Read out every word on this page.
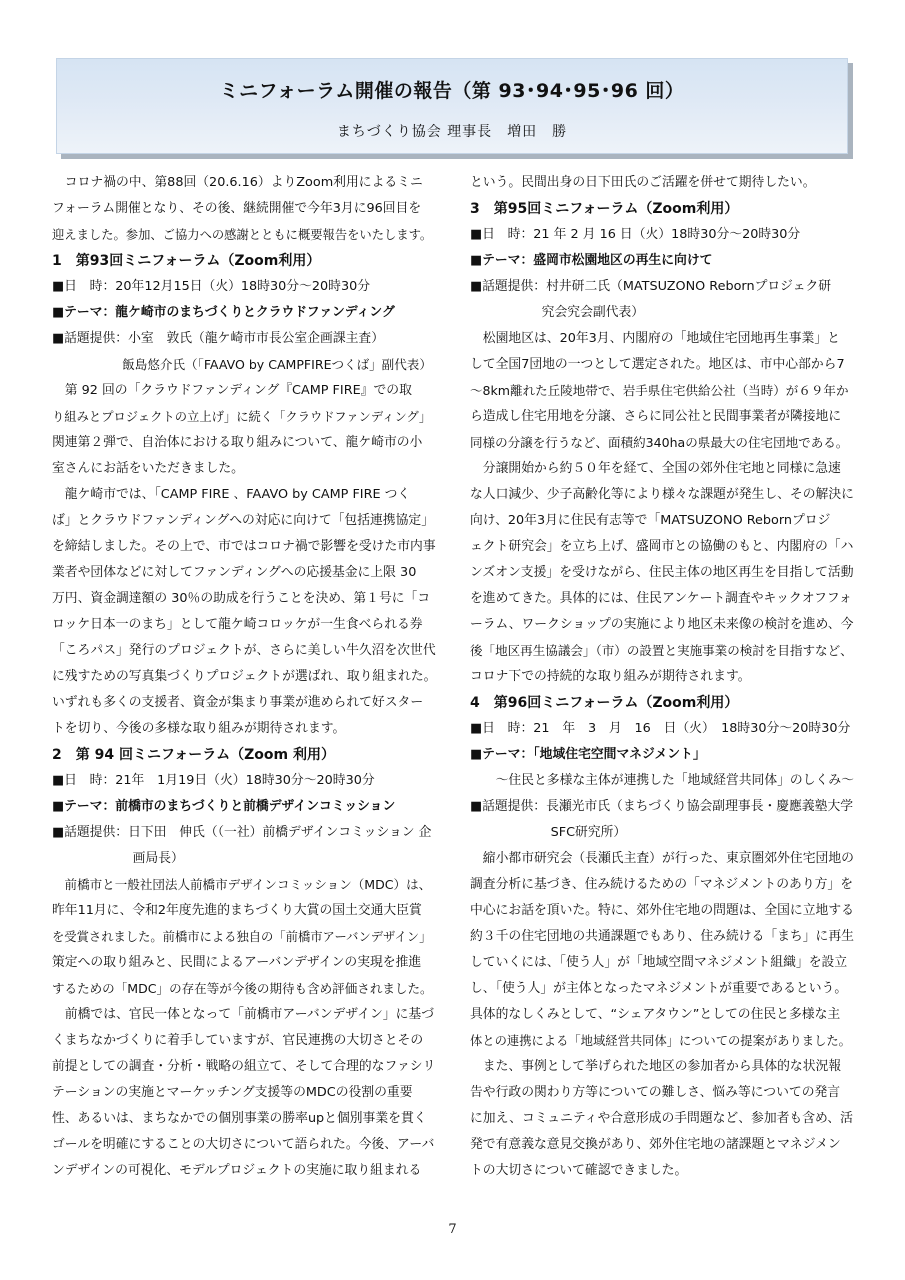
ミニフォーラム開催の報告（第 93･94･95･96 回）
まちづくり協会 理事長　増田　勝
コロナ禍の中、第88回（20.6.16）よりZoom利用によるミニ
フォーラム開催となり、その後、継続開催で今年3月に96回目を
迎えました。参加、ご協力への感謝とともに概要報告をいたします。
1　第93回ミニフォーラム（Zoom利用）
■日　時：20年12月15日（火）18時30分～20時30分
■テーマ：龍ケ崎市のまちづくりとクラウドファンディング
■話題提供：小室　敦氏（龍ケ崎市市長公室企画課主査）
飯島悠介氏（「FAAVO by CAMPFIREつくば」副代表）
第 92 回の「クラウドファンディング『CAMP FIRE』での取
り組みとプロジェクトの立上げ」に続く「クラウドファンディング」
関連第２弾で、自治体における取り組みについて、龍ケ崎市の小
室さんにお話をいただきました。
龍ケ崎市では、「CAMP FIRE 、FAAVO by CAMP FIRE つく
ば」とクラウドファンディングへの対応に向けて「包括連携協定」
を締結しました。その上で、市ではコロナ禍で影響を受けた市内事
業者や団体などに対してファンディングへの応援基金に上限 30
万円、資金調達額の 30％の助成を行うことを決め、第１号に「コ
ロッケ日本一のまち」として龍ケ崎コロッケが一生食べられる券
「ころパス」発行のプロジェクトが、さらに美しい牛久沼を次世代
に残すための写真集づくりプロジェクトが選ばれ、取り組まれた。
いずれも多くの支援者、資金が集まり事業が進められて好スター
トを切り、今後の多様な取り組みが期待されます。
2　第 94 回ミニフォーラム（Zoom 利用）
■日　時：21年　1月19日（火）18時30分～20時30分
■テーマ：前橋市のまちづくりと前橋デザインコミッション
■話題提供：日下田　伸氏（（一社）前橋デザインコミッション 企
画局長）
前橋市と一般社団法人前橋市デザインコミッション（MDC）は、
昨年11月に、令和2年度先進的まちづくり大賞の国土交通大臣賞
を受賞されました。前橋市による独自の「前橋市アーバンデザイン」
策定への取り組みと、民間によるアーバンデザインの実現を推進
するための「MDC」の存在等が今後の期待も含め評価されました。
前橋では、官民一体となって「前橋市アーバンデザイン」に基づ
くまちなかづくりに着手していますが、官民連携の大切さとその
前提としての調査・分析・戦略の組立て、そして合理的なファシリ
テーションの実施とマーケッチング支援等のMDCの役割の重要
性、あるいは、まちなかでの個別事業の勝率upと個別事業を貫く
ゴールを明確にすることの大切さについて語られた。今後、アーバ
ンデザインの可視化、モデルプロジェクトの実施に取り組まれる
という。民間出身の日下田氏のご活躍を併せて期待したい。
3　第95回ミニフォーラム（Zoom利用）
■日　時：21 年 2 月 16 日（火）18時30分～20時30分
■テーマ：盛岡市松園地区の再生に向けて
■話題提供：村井研二氏（MATSUZONO Rebornプロジェク研
究会究会副代表）
松園地区は、20年3月、内閣府の「地域住宅団地再生事業」と
して全国7団地の一つとして選定された。地区は、市中心部から7
～8km離れた丘陵地帯で、岩手県住宅供給公社（当時）が６９年か
ら造成し住宅用地を分譲、さらに同公社と民間事業者が隣接地に
同様の分譲を行うなど、面積約340haの県最大の住宅団地である。
分譲開始から約５０年を経て、全国の郊外住宅地と同様に急速
な人口減少、少子高齢化等により様々な課題が発生し、その解決に
向け、20年3月に住民有志等で「MATSUZONO Rebornプロジ
ェクト研究会」を立ち上げ、盛岡市との協働のもと、内閣府の「ハ
ンズオン支援」を受けながら、住民主体の地区再生を目指して活動
を進めてきた。具体的には、住民アンケート調査やキックオフフォ
ーラム、ワークショップの実施により地区未来像の検討を進め、今
後「地区再生協議会」（市）の設置と実施事業の検討を目指すなど、
コロナ下での持続的な取り組みが期待されます。
4　第96回ミニフォーラム（Zoom利用）
■日　時：21　年　3　月　16　日（火）　18時30分～20時30分
■テーマ：「地域住宅空間マネジメント」
～住民と多様な主体が連携した「地域経営共同体」のしくみ～
■話題提供：長瀬光市氏（まちづくり協会副理事長・慶應義塾大学
SFC研究所）
縮小都市研究会（長瀬氏主査）が行った、東京圏郊外住宅団地の
調査分析に基づき、住み続けるための「マネジメントのあり方」を
中心にお話を頂いた。特に、郊外住宅地の問題は、全国に立地する
約３千の住宅団地の共通課題でもあり、住み続ける「まち」に再生
していくには、「使う人」が「地域空間マネジメント組織」を設立
し、「使う人」が主体となったマネジメントが重要であるという。
具体的なしくみとして、“シェアタウン”としての住民と多様な主
体との連携による「地域経営共同体」についての提案がありました。
また、事例として挙げられた地区の参加者から具体的な状況報
告や行政の関わり方等についての難しさ、悩み等についての発言
に加え、コミュニティや合意形成の手問題など、参加者も含め、活
発で有意義な意見交換があり、郊外住宅地の諸課題とマネジメン
トの大切さについて確認できました。
7
